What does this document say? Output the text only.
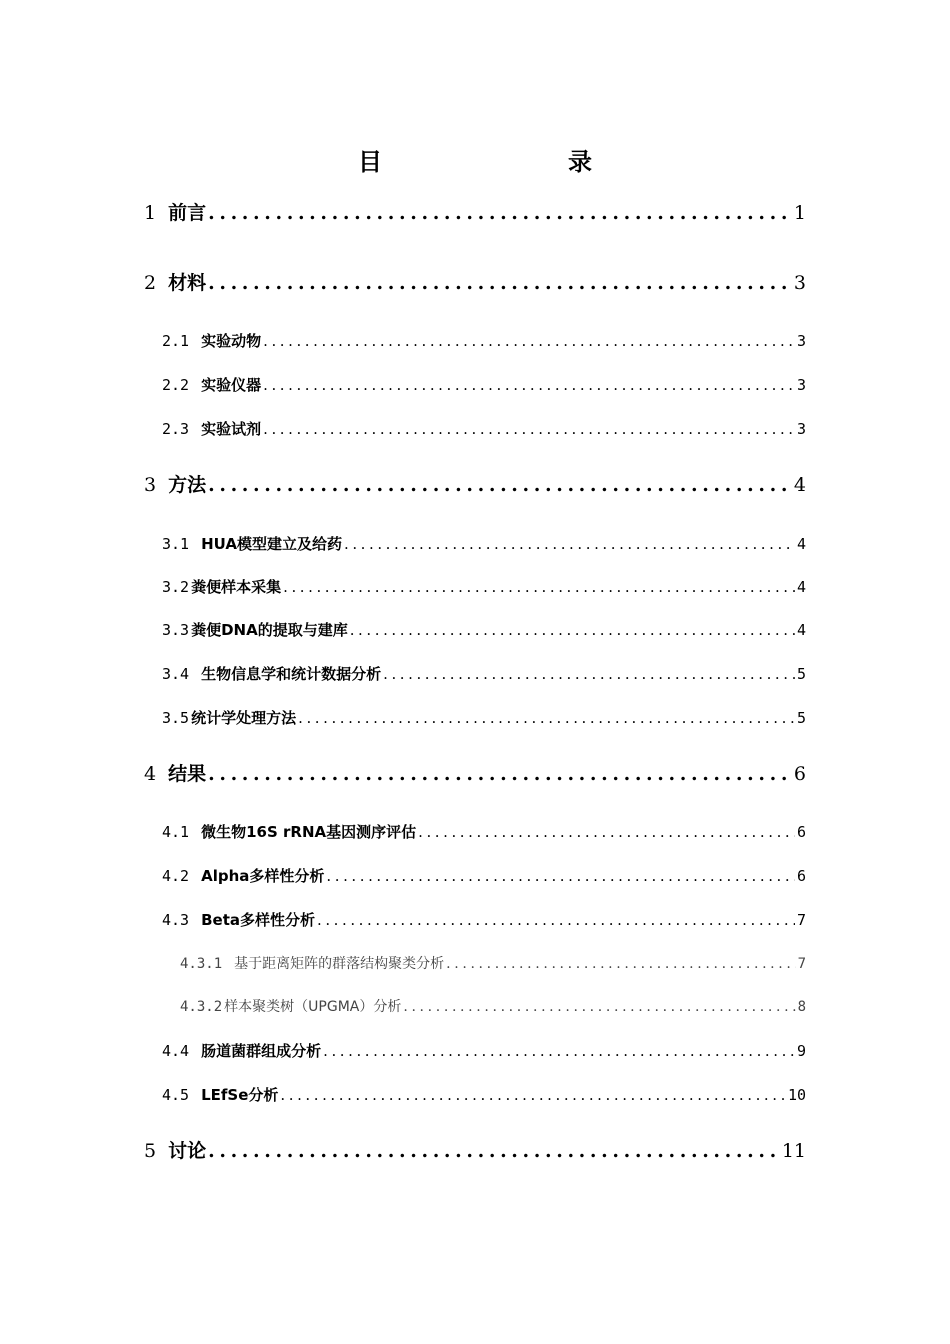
目　　录
1 前言 . . .	1
2 材料 . . .	3
2.1 实验动物 . . .	3
2.2 实验仪器 . . .	3
2.3 实验试剂 . . .	3
3 方法 . . .	4
3.1 HUA模型建立及给药 . . .	4
3.2 粪便样本采集 . . .	4
3.3 粪便DNA的提取与建库 . . .	4
3.4 生物信息学和统计数据分析 . . .	5
3.5 统计学处理方法 . . .	5
4 结果 . . .	6
4.1 微生物16S rRNA基因测序评估 . . .	6
4.2 Alpha多样性分析 . . .	6
4.3 Beta多样性分析 . . .	7
4.3.1 基于距离矩阵的群落结构聚类分析 . . .	7
4.3.2 样本聚类树（UPGMA）分析 . . .	8
4.4 肠道菌群组成分析 . . .	9
4.5 LEfSe分析 . . .	10
5 讨论 . . .	11
